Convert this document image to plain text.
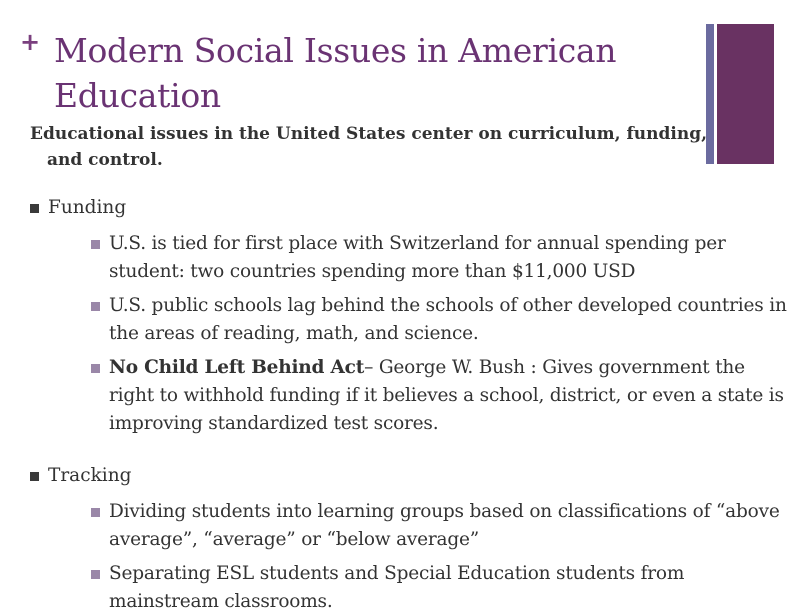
+ Modern Social Issues in American Education

Educational issues in the United States center on curriculum, funding, and control.

Funding
U.S. is tied for first place with Switzerland for annual spending per student: two countries spending more than $11,000 USD
U.S. public schools lag behind the schools of other developed countries in the areas of reading, math, and science.
No Child Left Behind Act– George W. Bush : Gives government the right to withhold funding if it believes a school, district, or even a state is improving standardized test scores.
Tracking
Dividing students into learning groups based on classifications of “above average”, “average” or “below average”
Separating ESL students and Special Education students from mainstream classrooms.
